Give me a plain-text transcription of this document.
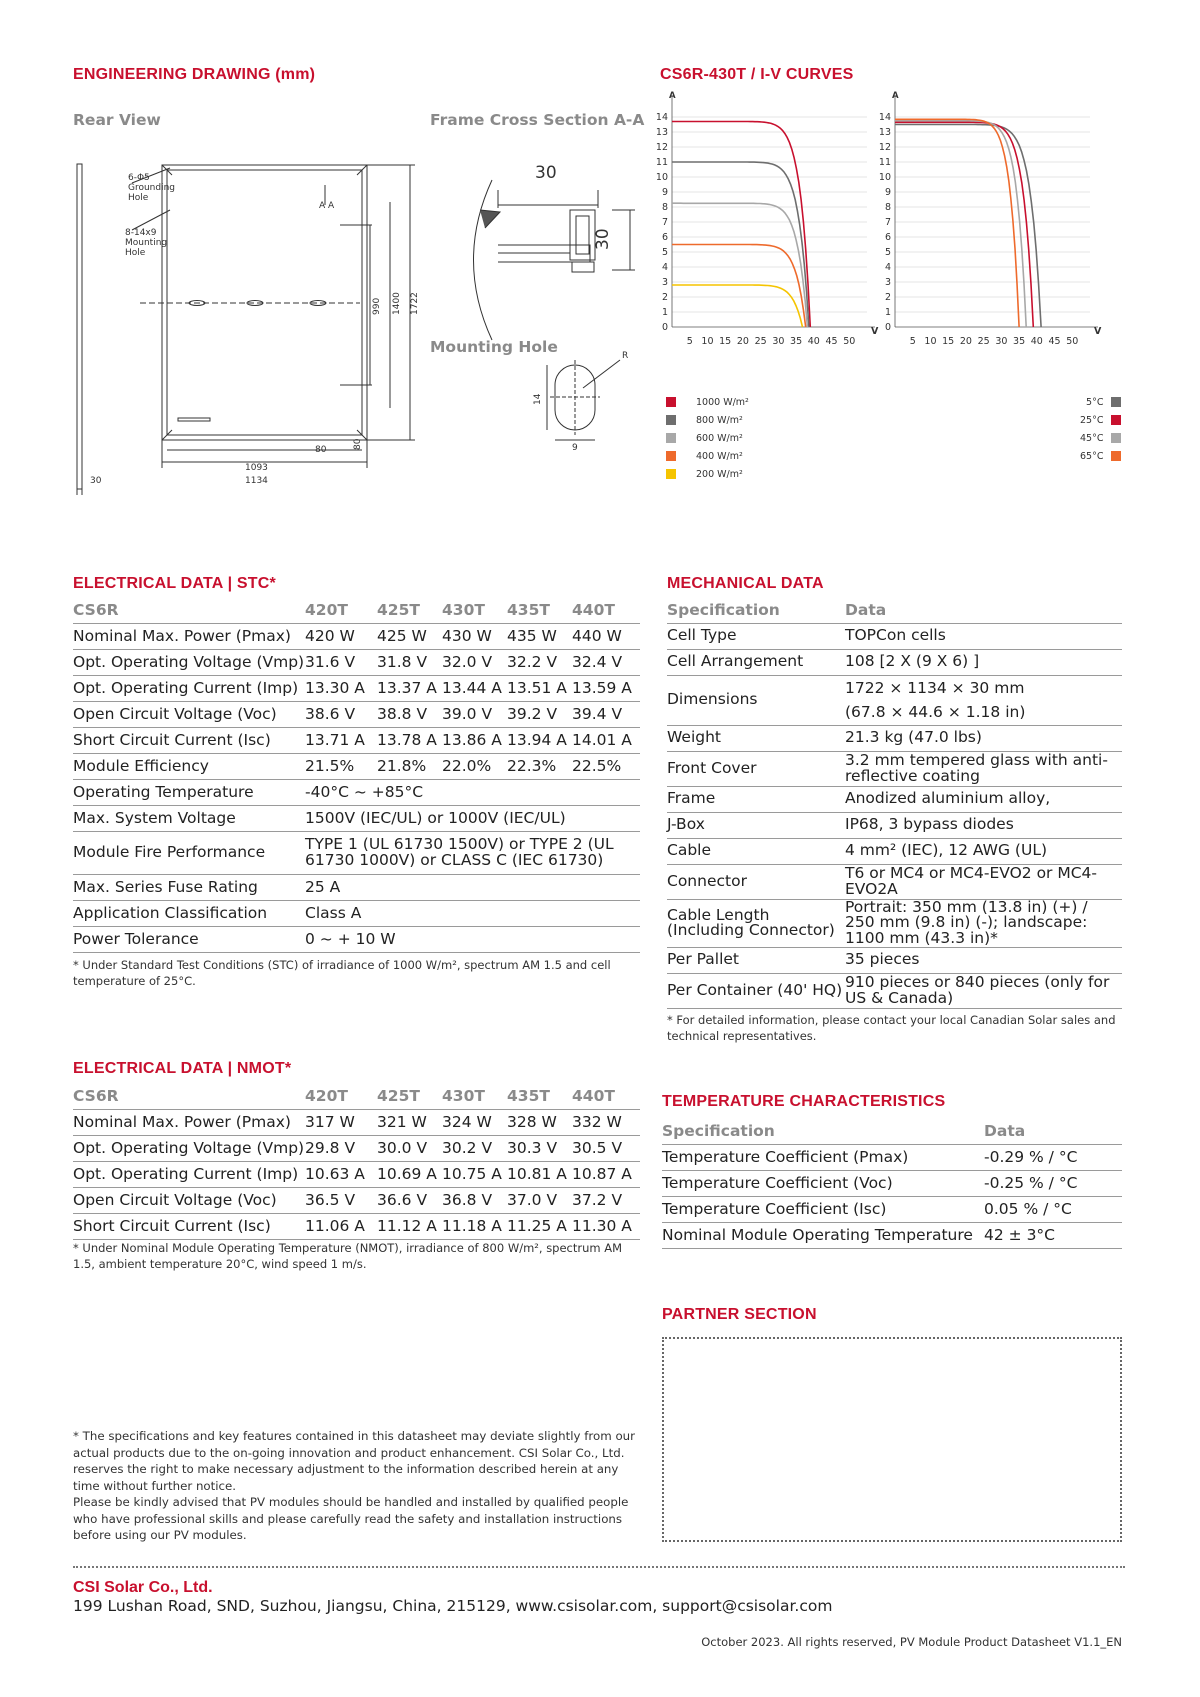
ENGINEERING DRAWING (mm)
Rear View	Frame Cross Section A-A
Mounting Hole
6-Φ5
Grounding
Hole
8-14x9
Mounting
Hole
A A
990 1400 1722
80	80
1093
1134
30
30
30
14
9
R
CS6R-430T / I-V CURVES
14
13
12
11
10
9
8
7
6
5
4
3
2
1
0
5 10 15 20 25 30 35 40 45 50
A
V
14
13
12
11
10
9
8
7
6
5
4
3
2
1
0
5 10 15 20 25 30 35 40 45 50
A
V
1000 W/m²
800 W/m²
600 W/m²
400 W/m²
200 W/m²
5°C
25°C
45°C
65°C
ELECTRICAL DATA | STC*
CS6R	420T	425T	430T	435T	440T
Nominal Max. Power (Pmax)	420 W	425 W	430 W	435 W	440 W
Opt. Operating Voltage (Vmp)	31.6 V	31.8 V	32.0 V	32.2 V	32.4 V
Opt. Operating Current (Imp)	13.30 A	13.37 A	13.44 A	13.51 A	13.59 A
Open Circuit Voltage (Voc)	38.6 V	38.8 V	39.0 V	39.2 V	39.4 V
Short Circuit Current (Isc)	13.71 A	13.78 A	13.86 A	13.94 A	14.01 A
Module Efficiency	21.5%	21.8%	22.0%	22.3%	22.5%
Operating Temperature	-40°C ~ +85°C				
Max. System Voltage	1500V (IEC/UL) or 1000V (IEC/UL)				
Module Fire Performance	TYPE 1 (UL 61730 1500V) or TYPE 2 (UL 61730 1000V) or CLASS C (IEC 61730)				
Max. Series Fuse Rating	25 A				
Application Classification	Class A				
Power Tolerance	0 ~ + 10 W				
* Under Standard Test Conditions (STC) of irradiance of 1000 W/m², spectrum AM 1.5 and cell temperature of 25°C.
ELECTRICAL DATA | NMOT*
CS6R	420T	425T	430T	435T	440T
Nominal Max. Power (Pmax)	317 W	321 W	324 W	328 W	332 W
Opt. Operating Voltage (Vmp)	29.8 V	30.0 V	30.2 V	30.3 V	30.5 V
Opt. Operating Current (Imp)	10.63 A	10.69 A	10.75 A	10.81 A	10.87 A
Open Circuit Voltage (Voc)	36.5 V	36.6 V	36.8 V	37.0 V	37.2 V
Short Circuit Current (Isc)	11.06 A	11.12 A	11.18 A	11.25 A	11.30 A
* Under Nominal Module Operating Temperature (NMOT), irradiance of 800 W/m², spectrum AM 1.5, ambient temperature 20°C, wind speed 1 m/s.
MECHANICAL DATA
Specification	Data
Cell Type	TOPCon cells
Cell Arrangement	108 [2 X (9 X 6) ]
Dimensions	1722 × 1134 × 30 mm
(67.8 × 44.6 × 1.18 in)
Weight	21.3 kg (47.0 lbs)
Front Cover	3.2 mm tempered glass with anti-reflective coating
Frame	Anodized aluminium alloy,
J-Box	IP68, 3 bypass diodes
Cable	4 mm² (IEC), 12 AWG (UL)
Connector	T6 or MC4 or MC4-EVO2 or MC4-EVO2A
Cable Length
(Including Connector)	Portrait: 350 mm (13.8 in) (+) / 250 mm (9.8 in) (-); landscape: 1100 mm (43.3 in)*
Per Pallet	35 pieces
Per Container (40' HQ)	910 pieces or 840 pieces (only for US & Canada)
* For detailed information, please contact your local Canadian Solar sales and technical representatives.
TEMPERATURE CHARACTERISTICS
Specification	Data
Temperature Coefficient (Pmax)	-0.29 % / °C
Temperature Coefficient (Voc)	-0.25 % / °C
Temperature Coefficient (Isc)	0.05 % / °C
Nominal Module Operating Temperature	42 ± 3°C
PARTNER SECTION
* The specifications and key features contained in this datasheet may deviate slightly from our actual products due to the on-going innovation and product enhancement. CSI Solar Co., Ltd. reserves the right to make necessary adjustment to the information described herein at any time without further notice.
Please be kindly advised that PV modules should be handled and installed by qualified people who have professional skills and please carefully read the safety and installation instructions before using our PV modules.
CSI Solar Co., Ltd.
199 Lushan Road, SND, Suzhou, Jiangsu, China, 215129, www.csisolar.com, support@csisolar.com
October 2023. All rights reserved, PV Module Product Datasheet V1.1_EN
